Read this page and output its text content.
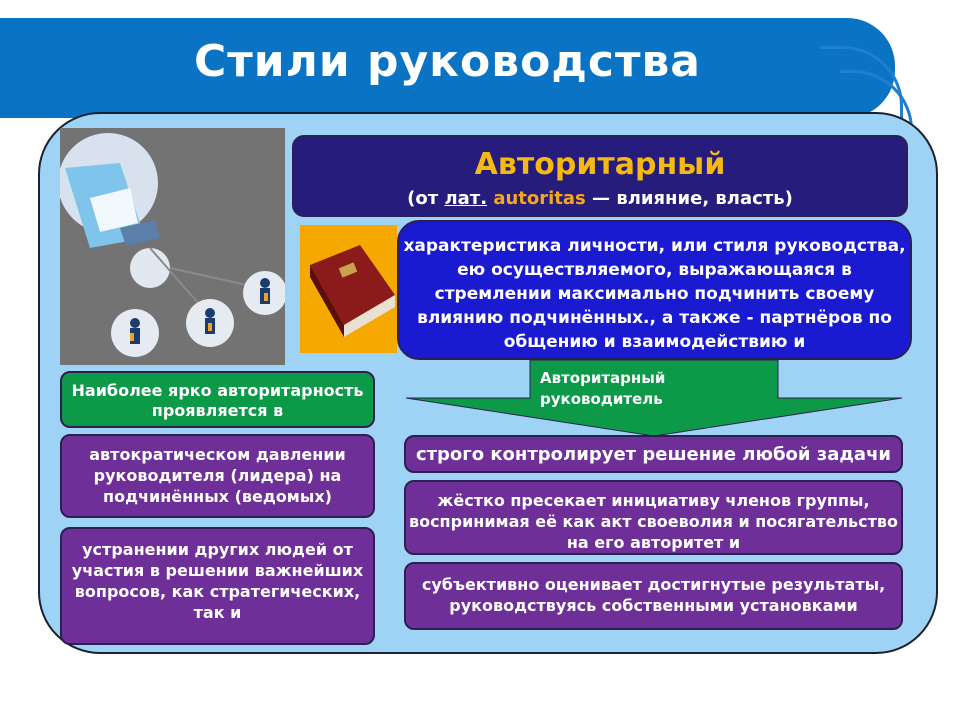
Стили руководства
Авторитарный
(от лат. autoritas — влияние, власть)
характеристика личности, или стиля руководства, ею осуществляемого, выражающаяся в стремлении максимально подчинить своему влиянию подчинённых., а также - партнёров по общению и взаимодействию и
Авторитарный руководитель
Наиболее ярко авторитарность проявляется в
автократическом давлении руководителя (лидера) на подчинённых (ведомых)
устранении других людей от участия в решении важнейших вопросов, как стратегических, так и
строго контролирует решение любой задачи
жёстко пресекает инициативу членов группы, воспринимая её как акт своеволия и посягательство на его авторитет и
субъективно оценивает достигнутые результаты, руководствуясь собственными установками
